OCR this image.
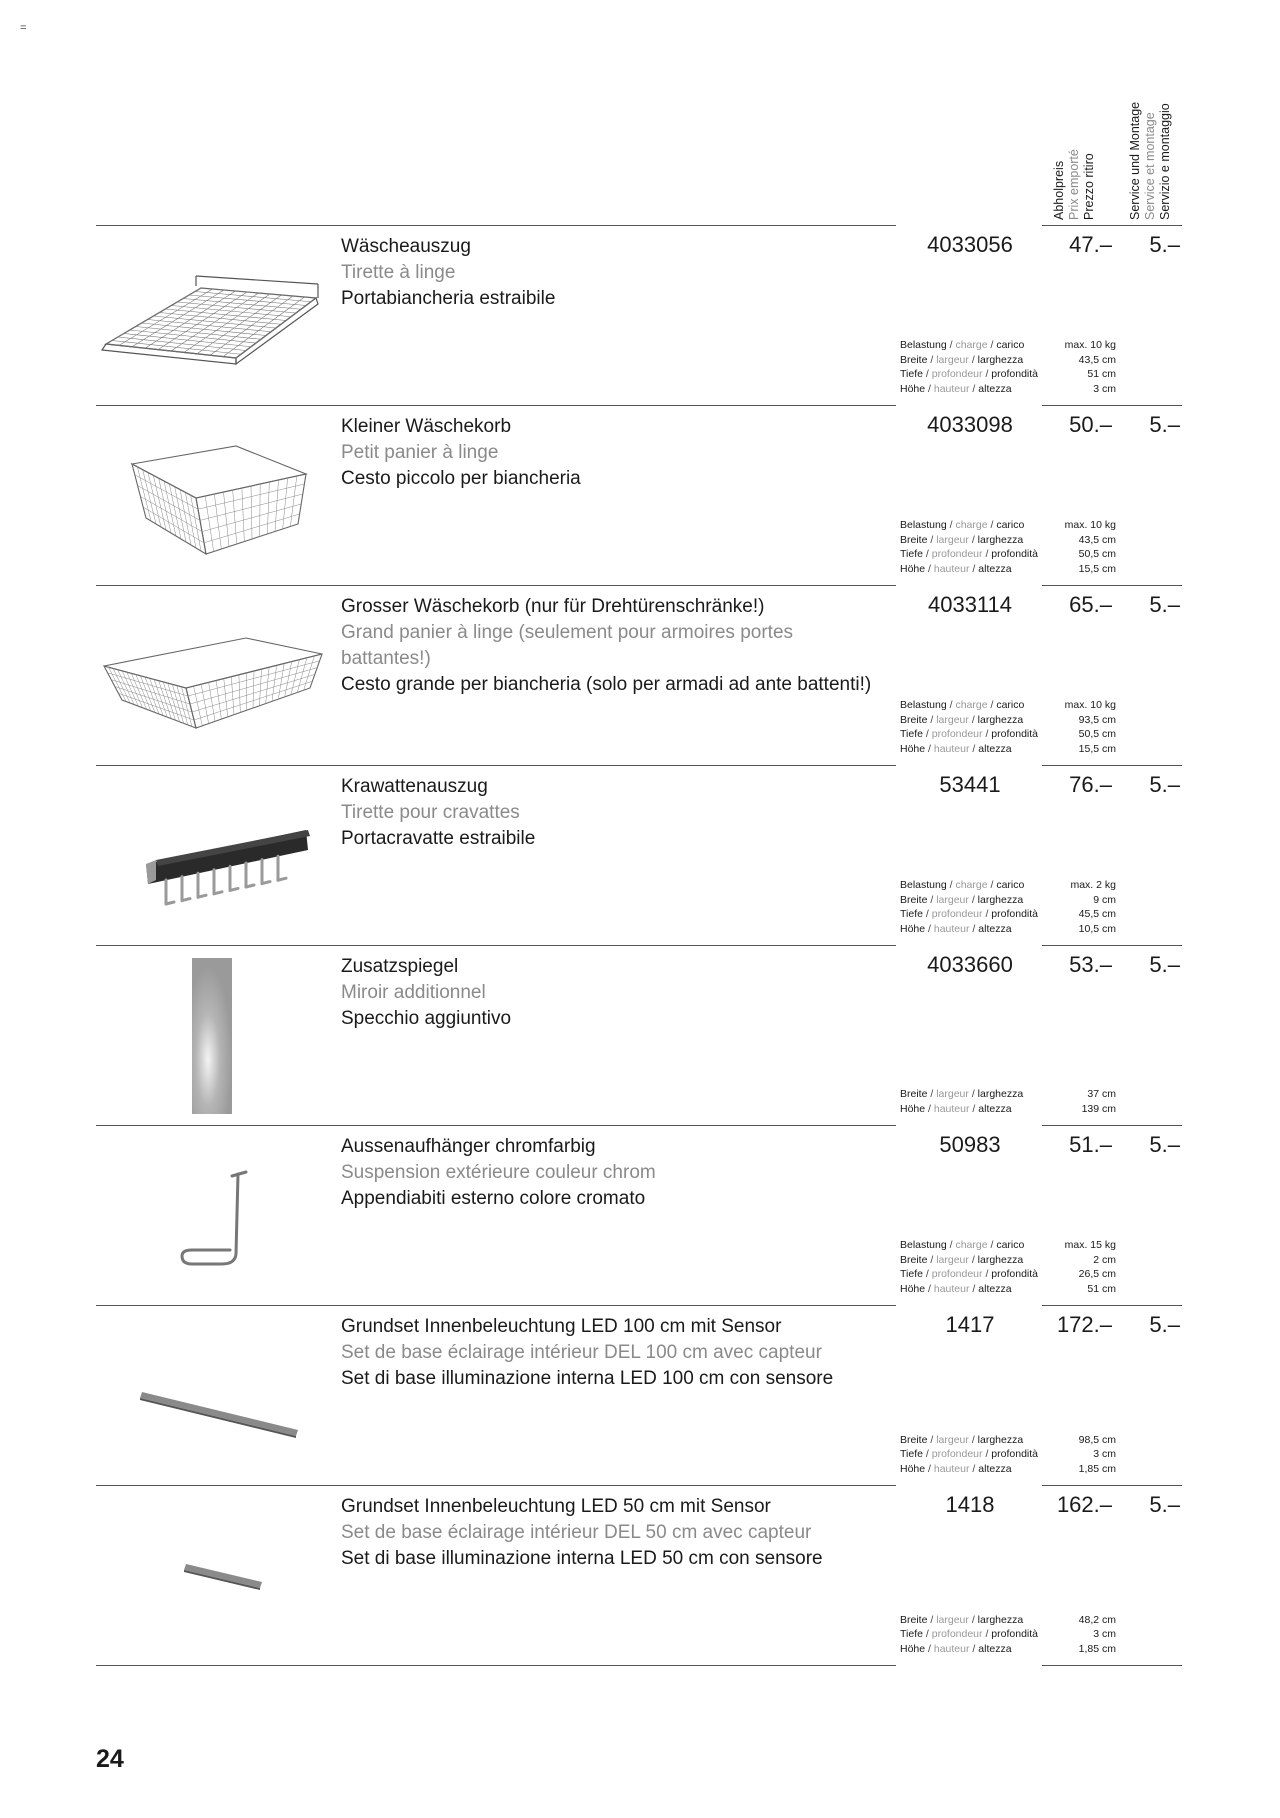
=
Abholpreis Prix emporté Prezzo ritiro	Service und Montage Service et montage Servizio e montaggio
Wäscheauszug
Tirette à linge
Portabiancheria estraibile
4033056	47.–	5.–
Belastung / charge / carico	max. 10 kg
Breite / largeur / larghezza	43,5 cm
Tiefe / profondeur / profondità	51 cm
Höhe / hauteur / altezza	3 cm
Kleiner Wäschekorb
Petit panier à linge
Cesto piccolo per biancheria
4033098	50.–	5.–
Belastung / charge / carico	max. 10 kg
Breite / largeur / larghezza	43,5 cm
Tiefe / profondeur / profondità	50,5 cm
Höhe / hauteur / altezza	15,5 cm
Grosser Wäschekorb (nur für Drehtürenschränke!)
Grand panier à linge (seulement pour armoires portes battantes!)
Cesto grande per biancheria (solo per armadi ad ante battenti!)
4033114	65.–	5.–
Belastung / charge / carico	max. 10 kg
Breite / largeur / larghezza	93,5 cm
Tiefe / profondeur / profondità	50,5 cm
Höhe / hauteur / altezza	15,5 cm
Krawattenauszug
Tirette pour cravattes
Portacravatte estraibile
53441	76.–	5.–
Belastung / charge / carico	max. 2 kg
Breite / largeur / larghezza	9 cm
Tiefe / profondeur / profondità	45,5 cm
Höhe / hauteur / altezza	10,5 cm
Zusatzspiegel
Miroir additionnel
Specchio aggiuntivo
4033660	53.–	5.–
Breite / largeur / larghezza	37 cm
Höhe / hauteur / altezza	139 cm
Aussenaufhänger chromfarbig
Suspension extérieure couleur chrom
Appendiabiti esterno colore cromato
50983	51.–	5.–
Belastung / charge / carico	max. 15 kg
Breite / largeur / larghezza	2 cm
Tiefe / profondeur / profondità	26,5 cm
Höhe / hauteur / altezza	51 cm
Grundset Innenbeleuchtung LED 100 cm mit Sensor
Set de base éclairage intérieur DEL 100 cm avec capteur
Set di base illuminazione interna LED 100 cm con sensore
1417	172.–	5.–
Breite / largeur / larghezza	98,5 cm
Tiefe / profondeur / profondità	3 cm
Höhe / hauteur / altezza	1,85 cm
Grundset Innenbeleuchtung LED 50 cm mit Sensor
Set de base éclairage intérieur DEL 50 cm avec capteur
Set di base illuminazione interna LED 50 cm con sensore
1418	162.–	5.–
Breite / largeur / larghezza	48,2 cm
Tiefe / profondeur / profondità	3 cm
Höhe / hauteur / altezza	1,85 cm
24
